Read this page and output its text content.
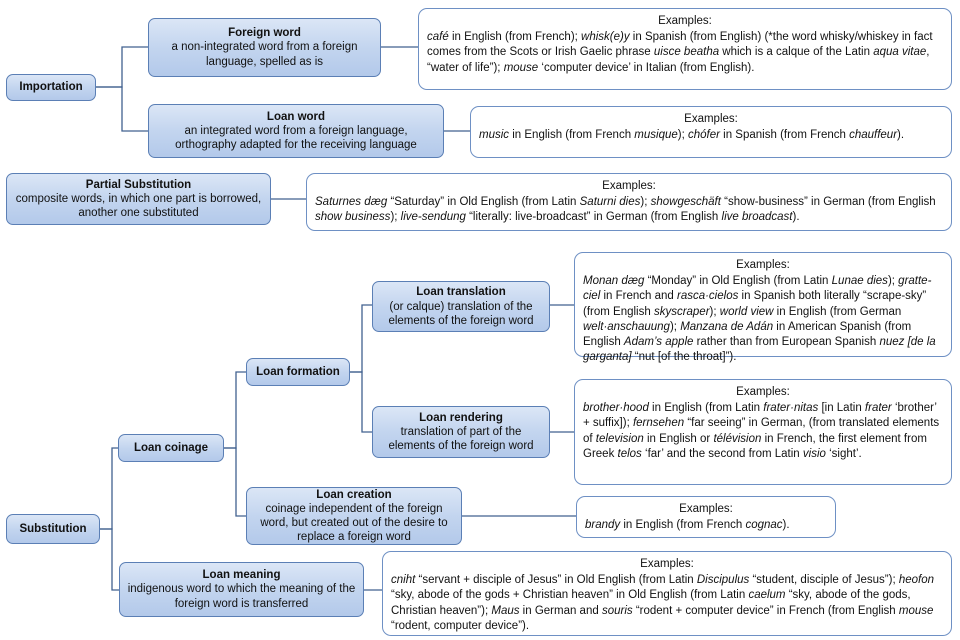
Importation
Foreign word
a non-integrated word from a foreign language, spelled as is
Examples:
café in English (from French); whisk(e)y in Spanish (from English) (*the word whisky/whiskey in fact comes from the Scots or Irish Gaelic phrase uisce beatha which is a calque of the Latin aqua vitae, “water of life”); mouse ‘computer device’ in Italian (from English).
Loan word
an integrated word from a foreign language, orthography adapted for the receiving language
Examples:
music in English (from French musique); chófer in Spanish (from French chauffeur).
Partial Substitution
composite words, in which one part is borrowed, another one substituted
Examples:
Saturnes dæg “Saturday” in Old English (from Latin Saturni dies); showgeschäft “show-business” in German (from English show business); live-sendung “literally: live-broadcast” in German (from English live broadcast).
Substitution
Loan coinage
Loan formation
Loan translation
(or calque) translation of the elements of the foreign word
Examples:
Monan dæg “Monday” in Old English (from Latin Lunae dies); gratte-ciel in French and rasca·cielos in Spanish both literally “scrape-sky” (from English skyscraper); world view in English (from German welt·anschauung); Manzana de Adán in American Spanish (from English Adam’s apple rather than from European Spanish nuez [de la garganta] “nut [of the throat]”).
Loan rendering
translation of part of the elements of the foreign word
Examples:
brother·hood in English (from Latin frater·nitas [in Latin frater ‘brother’ + suffix]); fernsehen “far seeing” in German, (from translated elements of television in English or télévision in French, the first element from Greek telos ‘far’ and the second from Latin visio ‘sight’.
Loan creation
coinage independent of the foreign word, but created out of the desire to replace a foreign word
Examples:
brandy in English (from French cognac).
Loan meaning
indigenous word to which the meaning of the foreign word is transferred
Examples:
cniht “servant + disciple of Jesus” in Old English (from Latin Discipulus “student, disciple of Jesus”); heofon “sky, abode of the gods + Christian heaven” in Old English (from Latin caelum “sky, abode of the gods, Christian heaven”); Maus in German and souris “rodent + computer device” in French (from English mouse “rodent, computer device”).
